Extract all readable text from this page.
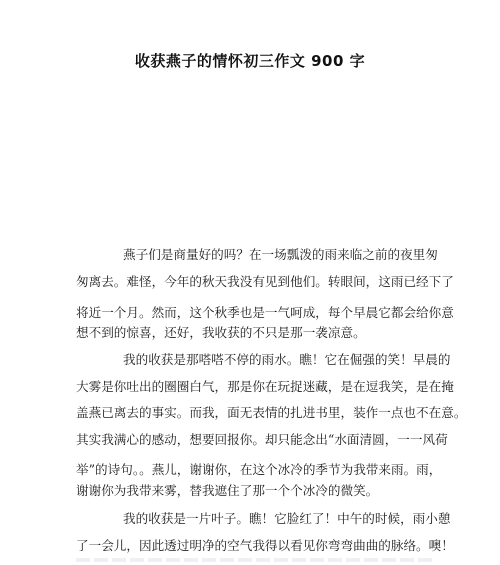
收获燕子的情怀初三作文 900 字
燕子们是商量好的吗？在一场瓢泼的雨来临之前的夜里匆
匆离去。难怪，今年的秋天我没有见到他们。转眼间，这雨已经下了
将近一个月。然而，这个秋季也是一气呵成，每个早晨它都会给你意
想不到的惊喜，还好，我收获的不只是那一袭凉意。
我的收获是那嗒嗒不停的雨水。瞧！它在倔强的笑！早晨的
大雾是你吐出的圈圈白气，那是你在玩捉迷藏，是在逗我笑，是在掩
盖燕已离去的事实。而我，面无表情的扎进书里，装作一点也不在意。
其实我满心的感动，想要回报你。却只能念出“水面清圆，一一风荷
举”的诗句。。燕儿，谢谢你，在这个冰冷的季节为我带来雨。雨，
谢谢你为我带来雾，替我遮住了那一个个冰冷的微笑。
我的收获是一片叶子。瞧！它脸红了！中午的时候，雨小憩
了一会儿，因此透过明净的空气我得以看见你弯弯曲曲的脉络。噢！
